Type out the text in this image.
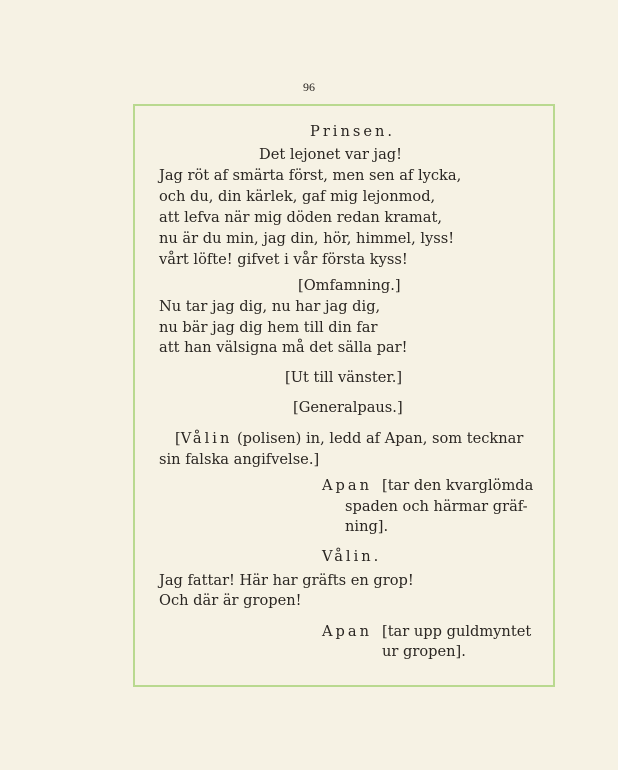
96
Prinsen.
Det lejonet var jag!
Jag röt af smärta först, men sen af lycka,
och du, din kärlek, gaf mig lejonmod,
att lefva när mig döden redan kramat,
nu är du min, jag din, hör, himmel, lyss!
vårt löfte! gifvet i vår första kyss!
[Omfamning.]
Nu tar jag dig, nu har jag dig,
nu bär jag dig hem till din far
att han välsigna må det sälla par!
[Ut till vänster.]
[Generalpaus.]
[Vålin (polisen) in, ledd af Apan, som tecknar
sin falska angifvelse.]
Apan [tar den kvarglömda
spaden och härmar gräf-
ning].
Vålin.
Jag fattar! Här har gräfts en grop!
Och där är gropen!
Apan [tar upp guldmyntet
ur gropen].
